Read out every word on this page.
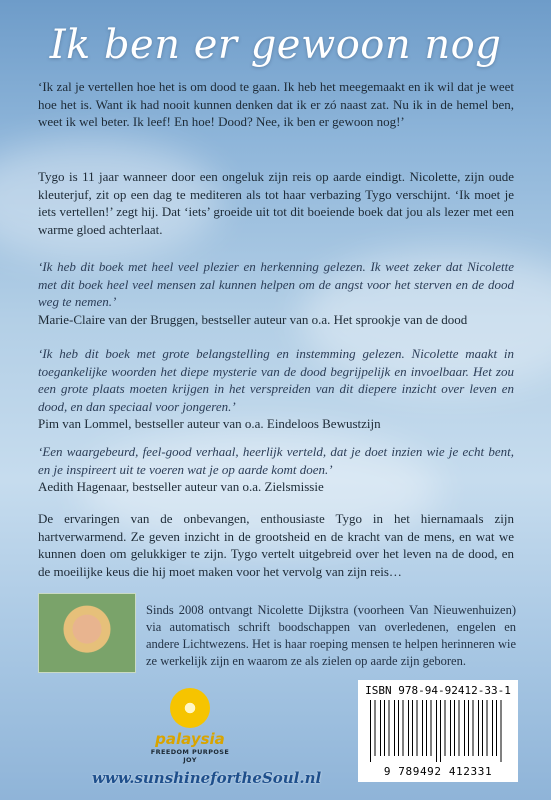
Ik ben er gewoon nog
‘Ik zal je vertellen hoe het is om dood te gaan. Ik heb het meegemaakt en ik wil dat je weet hoe het is. Want ik had nooit kunnen denken dat ik er zó naast zat. Nu ik in de hemel ben, weet ik wel beter. Ik leef! En hoe! Dood? Nee, ik ben er gewoon nog!’
Tygo is 11 jaar wanneer door een ongeluk zijn reis op aarde eindigt. Nicolette, zijn oude kleuterjuf, zit op een dag te mediteren als tot haar verbazing Tygo verschijnt. ‘Ik moet je iets vertellen!’ zegt hij. Dat ‘iets’ groeide uit tot dit boeiende boek dat jou als lezer met een warme gloed achterlaat.
‘Ik heb dit boek met heel veel plezier en herkenning gelezen. Ik weet zeker dat Nicolette met dit boek heel veel mensen zal kunnen helpen om de angst voor het sterven en de dood weg te nemen.’
Marie-Claire van der Bruggen, bestseller auteur van o.a. Het sprookje van de dood
‘Ik heb dit boek met grote belangstelling en instemming gelezen. Nicolette maakt in toegankelijke woorden het diepe mysterie van de dood begrijpelijk en invoelbaar. Het zou een grote plaats moeten krijgen in het verspreiden van dit diepere inzicht over leven en dood, en dan speciaal voor jongeren.’
Pim van Lommel, bestseller auteur van o.a. Eindeloos Bewustzijn
‘Een waargebeurd, feel-good verhaal, heerlijk verteld, dat je doet inzien wie je echt bent, en je inspireert uit te voeren wat je op aarde komt doen.’
Aedith Hagenaar, bestseller auteur van o.a. Zielsmissie
De ervaringen van de onbevangen, enthousiaste Tygo in het hiernamaals zijn hartverwarmend. Ze geven inzicht in de grootsheid en de kracht van de mens, en wat we kunnen doen om gelukkiger te zijn. Tygo vertelt uitgebreid over het leven na de dood, en de moeilijke keus die hij moet maken voor het vervolg van zijn reis…
Sinds 2008 ontvangt Nicolette Dijkstra (voorheen Van Nieuwenhuizen) via automatisch schrift boodschappen van overledenen, engelen en andere Lichtwezens. Het is haar roeping mensen te helpen herinneren wie ze werkelijk zijn en waarom ze als zielen op aarde zijn geboren.
palaysia
FREEDOM PURPOSE JOY
www.sunshinefortheSoul.nl
ISBN 978-94-92412-33-1
9 789492 412331
